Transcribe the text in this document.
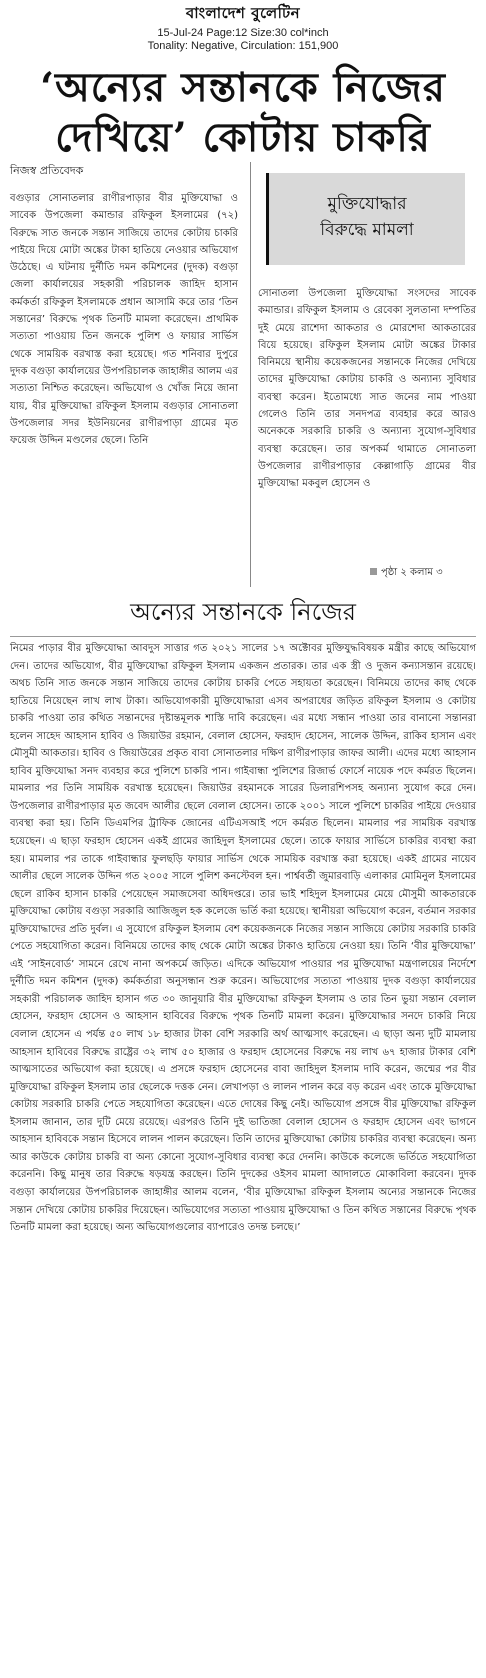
বাংলাদেশ বুলেটিন
15-Jul-24 Page:12 Size:30 col*inch
Tonality: Negative, Circulation: 151,900
‘অন্যের সন্তানকে নিজের
দেখিয়ে’ কোটায় চাকরি
নিজস্ব প্রতিবেদক
বগুড়ার সোনাতলার রাণীরপাড়ার বীর মুক্তিযোদ্ধা ও সাবেক উপজেলা কমান্ডার রফিকুল ইসলামের (৭২) বিরুদ্ধে সাত জনকে সন্তান সাজিয়ে তাদের কোটায় চাকরি পাইয়ে দিয়ে মোটা অঙ্কের টাকা হাতিয়ে নেওয়ার অভিযোগ উঠেছে। এ ঘটনায় দুর্নীতি দমন কমিশনের (দুদক) বগুড়া জেলা কার্যালয়ের সহকারী পরিচালক জাহিদ হাসান কর্মকর্তা রফিকুল ইসলামকে প্রধান আসামি করে তার ‘তিন সন্তানের’ বিরুদ্ধে পৃথক তিনটি মামলা করেছেন। প্রাথমিক সত্যতা পাওয়ায় তিন জনকে পুলিশ ও ফায়ার সার্ভিস থেকে সাময়িক বরখাস্ত করা হয়েছে। গত শনিবার দুপুরে দুদক বগুড়া কার্যালয়ের উপপরিচালক জাহাঙ্গীর আলম এর সত্যতা নিশ্চিত করেছেন। অভিযোগ ও খোঁজ নিয়ে জানা যায়, বীর মুক্তিযোদ্ধা রফিকুল ইসলাম বগুড়ার সোনাতলা উপজেলার সদর ইউনিয়নের রাণীরপাড়া গ্রামের মৃত ফয়েজ উদ্দিন মণ্ডলের ছেলে। তিনি
মুক্তিযোদ্ধার
বিরুদ্ধে মামলা
সোনাতলা উপজেলা মুক্তিযোদ্ধা সংসদের সাবেক কমান্ডার। রফিকুল ইসলাম ও রেবেকা সুলতানা দম্পতির দুই মেয়ে রাশেদা আকতার ও মোরশেদা আকতারের বিয়ে হয়েছে। রফিকুল ইসলাম মোটা অঙ্কের টাকার বিনিময়ে স্থানীয় কয়েকজনের সন্তানকে নিজের দেখিয়ে তাদের মুক্তিযোদ্ধা কোটায় চাকরি ও অন্যান্য সুবিধার ব্যবস্থা করেন। ইতোমধ্যে সাত জনের নাম পাওয়া গেলেও তিনি তার সনদপত্র ব্যবহার করে আরও অনেককে সরকারি চাকরি ও অন্যান্য সুযোগ-সুবিধার ব্যবস্থা করেছেন। তার অপকর্ম থামাতে সোনাতলা উপজেলার রাণীরপাড়ার কেল্লাগাড়ি গ্রামের বীর মুক্তিযোদ্ধা মকবুল হোসেন ও
পৃষ্ঠা ২ কলাম ৩
অন্যের সন্তানকে নিজের
নিমের পাড়ার বীর মুক্তিযোদ্ধা আবদুস সাত্তার গত ২০২১ সালের ১৭ অক্টোবর মুক্তিযুদ্ধবিষয়ক মন্ত্রীর কাছে অভিযোগ দেন। তাদের অভিযোগ, বীর মুক্তিযোদ্ধা রফিকুল ইসলাম একজন প্রতারক। তার এক স্ত্রী ও দুজন কন্যাসন্তান রয়েছে। অথচ তিনি সাত জনকে সন্তান সাজিয়ে তাদের কোটায় চাকরি পেতে সহায়তা করেছেন। বিনিময়ে তাদের কাছ থেকে হাতিয়ে নিয়েছেন লাখ লাখ টাকা। অভিযোগকারী মুক্তিযোদ্ধারা এসব অপরাধের জড়িত রফিকুল ইসলাম ও কোটায় চাকরি পাওয়া তার কথিত সন্তানদের দৃষ্টান্তমূলক শাস্তি দাবি করেছেন। এর মধ্যে সন্ধান পাওয়া তার বানানো সন্তানরা হলেন সাহেদ আহসান হাবিব ও জিয়াউর রহমান, বেলাল হোসেন, ফরহাদ হোসেন, সালেক উদ্দিন, রাকিব হাসান এবং মৌসুমী আকতার। হাবিব ও জিয়াউরের প্রকৃত বাবা সোনাতলার দক্ষিণ রাণীরপাড়ার জাফর আলী। এদের মধ্যে আহসান হাবিব মুক্তিযোদ্ধা সনদ ব্যবহার করে পুলিশে চাকরি পান। গাইবান্ধা পুলিশের রিজার্ভ ফোর্সে নায়েক পদে কর্মরত ছিলেন। মামলার পর তিনি সাময়িক বরখাস্ত হয়েছেন। জিয়াউর রহমানকে সারের ডিলারশিপসহ অন্যান্য সুযোগ করে দেন। উপজেলার রাণীরপাড়ার মৃত জবেদ আলীর ছেলে বেলাল হোসেন। তাকে ২০০১ সালে পুলিশে চাকরির পাইয়ে দেওয়ার ব্যবস্থা করা হয়। তিনি ডিএমপির ট্রাফিক জোনের এটিএসআই পদে কর্মরত ছিলেন। মামলার পর সাময়িক বরখাস্ত হয়েছেন। এ ছাড়া ফরহাদ হোসেন একই গ্রামের জাহিদুল ইসলামের ছেলে। তাকে ফায়ার সার্ভিসে চাকরির ব্যবস্থা করা হয়। মামলার পর তাকে গাইবান্ধার ফুলছড়ি ফায়ার সার্ভিস থেকে সাময়িক বরখাস্ত করা হয়েছে। একই গ্রামের নায়েব আলীর ছেলে সালেক উদ্দিন গত ২০০৫ সালে পুলিশ কনস্টেবল হন। পার্শ্ববর্তী জুমারবাড়ি এলাকার মোমিনুল ইসলামের ছেলে রাকিব হাসান চাকরি পেয়েছেন সমাজসেবা অধিদপ্তরে। তার ভাই শহিদুল ইসলামের মেয়ে মৌসুমী আকতারকে মুক্তিযোদ্ধা কোটায় বগুড়া সরকারি আজিজুল হক কলেজে ভর্তি করা হয়েছে। স্থানীয়রা অভিযোগ করেন, বর্তমান সরকার মুক্তিযোদ্ধাদের প্রতি দুর্বল। এ সুযোগে রফিকুল ইসলাম বেশ কয়েকজনকে নিজের সন্তান সাজিয়ে কোটায় সরকারি চাকরি পেতে সহযোগিতা করেন। বিনিময়ে তাদের কাছ থেকে মোটা অঙ্কের টাকাও হাতিয়ে নেওয়া হয়। তিনি ‘বীর মুক্তিযোদ্ধা’ এই ‘সাইনবোর্ড’ সামনে রেখে নানা অপকর্মে জড়িত। এদিকে অভিযোগ পাওয়ার পর মুক্তিযোদ্ধা মন্ত্রণালয়ের নির্দেশে দুর্নীতি দমন কমিশন (দুদক) কর্মকর্তারা অনুসন্ধান শুরু করেন। অভিযোগের সত্যতা পাওয়ায় দুদক বগুড়া কার্যালয়ের সহকারী পরিচালক জাহিদ হাসান গত ৩০ জানুয়ারি বীর মুক্তিযোদ্ধা রফিকুল ইসলাম ও তার তিন ভুয়া সন্তান বেলাল হোসেন, ফরহাদ হোসেন ও আহসান হাবিবের বিরুদ্ধে পৃথক তিনটি মামলা করেন। মুক্তিযোদ্ধার সনদে চাকরি নিয়ে বেলাল হোসেন এ পর্যন্ত ৫০ লাখ ১৮ হাজার টাকা বেশি সরকারি অর্থ আত্মসাৎ করেছেন। এ ছাড়া অন্য দুটি মামলায় আহসান হাবিবের বিরুদ্ধে রাষ্ট্রের ৩২ লাখ ৫০ হাজার ও ফরহাদ হোসেনের বিরুদ্ধে নয় লাখ ৬৭ হাজার টাকার বেশি আত্মসাতের অভিযোগ করা হয়েছে। এ প্রসঙ্গে ফরহাদ হোসেনের বাবা জাহিদুল ইসলাম দাবি করেন, জন্মের পর বীর মুক্তিযোদ্ধা রফিকুল ইসলাম তার ছেলেকে দত্তক নেন। লেখাপড়া ও লালন পালন করে বড় করেন এবং তাকে মুক্তিযোদ্ধা কোটায় সরকারি চাকরি পেতে সহযোগিতা করেছেন। এতে দোষের কিছু নেই। অভিযোগ প্রসঙ্গে বীর মুক্তিযোদ্ধা রফিকুল ইসলাম জানান, তার দুটি মেয়ে রয়েছে। এরপরও তিনি দুই ভাতিজা বেলাল হোসেন ও ফরহাদ হোসেন এবং ভাগনে আহসান হাবিবকে সন্তান হিসেবে লালন পালন করেছেন। তিনি তাদের মুক্তিযোদ্ধা কোটায় চাকরির ব্যবস্থা করেছেন। অন্য আর কাউকে কোটায় চাকরি বা অন্য কোনো সুযোগ-সুবিধার ব্যবস্থা করে দেননি। কাউকে কলেজে ভর্তিতে সহযোগিতা করেননি। কিছু মানুষ তার বিরুদ্ধে ষড়যন্ত্র করছেন। তিনি দুদকের ওইসব মামলা আদালতে মোকাবিলা করবেন। দুদক বগুড়া কার্যালয়ের উপপরিচালক জাহাঙ্গীর আলম বলেন, ‘বীর মুক্তিযোদ্ধা রফিকুল ইসলাম অন্যের সন্তানকে নিজের সন্তান দেখিয়ে কোটায় চাকরির দিয়েছেন। অভিযোগের সত্যতা পাওয়ায় মুক্তিযোদ্ধা ও তিন কথিত সন্তানের বিরুদ্ধে পৃথক তিনটি মামলা করা হয়েছে। অন্য অভিযোগগুলোর ব্যাপারেও তদন্ত চলছে।’
